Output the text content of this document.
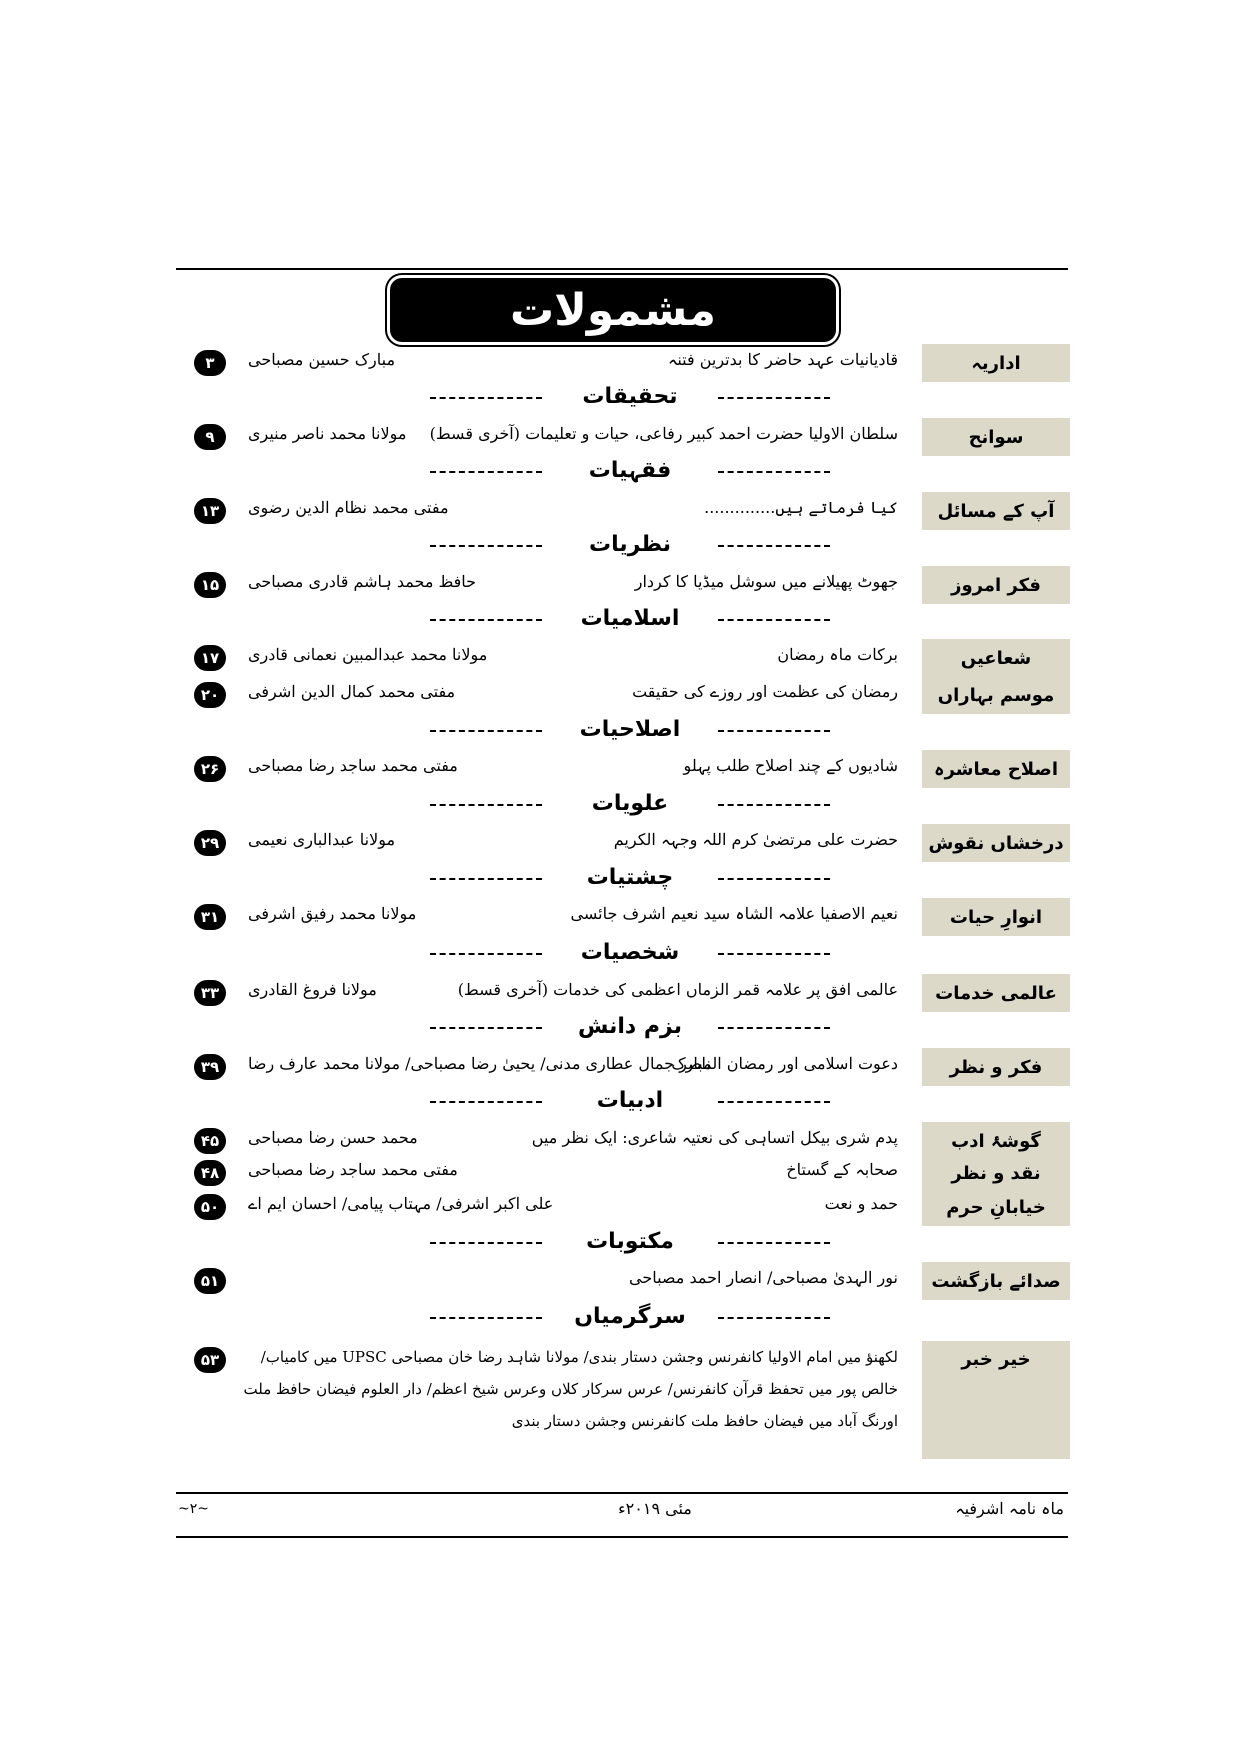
مشمولات
اداریہ
قادیانیات عہد حاضر کا بدترین فتنہ
مبارک حسین مصباحی
۳
تحقیقات
سوانح
سلطان الاولیا حضرت احمد کبیر رفاعی، حیات و تعلیمات (آخری قسط)
مولانا محمد ناصر منیری
۹
فقہیات
آپ کے مسائل
کیا فرماتے ہیں..............
مفتی محمد نظام الدین رضوی
۱۳
نظریات
فکر امروز
جھوٹ پھیلانے میں سوشل میڈیا کا کردار
حافظ محمد ہاشم قادری مصباحی
۱۵
اسلامیات
شعاعیں
برکات ماہ رمضان
مولانا محمد عبدالمبین نعمانی قادری
۱۷
موسم بہاراں
رمضان کی عظمت اور روزے کی حقیقت
مفتی محمد کمال الدین اشرفی
۲۰
اصلاحیات
اصلاح معاشرہ
شادیوں کے چند اصلاح طلب پہلو
مفتی محمد ساجد رضا مصباحی
۲۶
علویات
درخشاں نقوش
حضرت علی مرتضیٰ کرم اللہ وجہہ الکریم
مولانا عبدالباری نعیمی
۲۹
چشتیات
انوارِ حیات
نعیم الاصفیا علامہ الشاہ سید نعیم اشرف جائسی
مولانا محمد رفیق اشرفی
۳۱
شخصیات
عالمی خدمات
عالمی افق پر علامہ قمر الزماں اعظمی کی خدمات (آخری قسط)
مولانا فروغ القادری
۳۳
بزم دانش
فکر و نظر
دعوت اسلامی اور رمضان المبارک
ناصر جمال عطاری مدنی/ یحییٰ رضا مصباحی/ مولانا محمد عارف رضا
۳۹
ادبیات
گوشۂ ادب
پدم شری بیکل اتساہی کی نعتیہ شاعری: ایک نظر میں
محمد حسن رضا مصباحی
۴۵
نقد و نظر
صحابہ کے گستاخ
مفتی محمد ساجد رضا مصباحی
۴۸
خیابانِ حرم
حمد و نعت
علی اکبر اشرفی/ مہتاب پیامی/ احسان ایم اے
۵۰
مکتوبات
صدائے بازگشت
نور الہدیٰ مصباحی/ انصار احمد مصباحی
۵۱
سرگرمیاں
خیر خبر
لکھنؤ میں امام الاولیا کانفرنس وجشن دستار بندی/ مولانا شاہد رضا خان مصباحی UPSC میں کامیاب/ خالص پور میں تحفظ قرآن کانفرنس/ عرس سرکار کلاں وعرس شیخ اعظم/ دار العلوم فیضان حافظ ملت اورنگ آباد میں فیضان حافظ ملت کانفرنس وجشن دستار بندی
۵۳
~۲~	مئی ۲۰۱۹ء	ماہ نامہ اشرفیہ
